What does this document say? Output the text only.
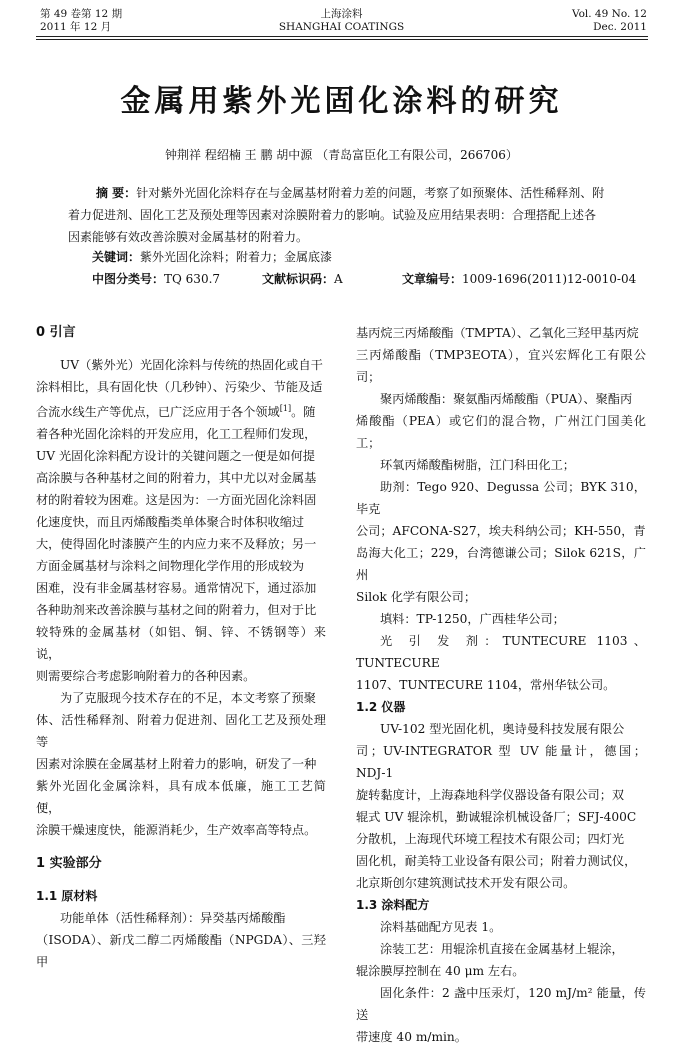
第 49 卷第 12 期
2011 年 12 月
上海涂料
SHANGHAI COATINGS
Vol. 49 No. 12
Dec. 2011
金属用紫外光固化涂料的研究
钟荆祥 程绍楠 王 鹏 胡中源 （青岛富臣化工有限公司，266706）

摘 要：针对紫外光固化涂料存在与金属基材附着力差的问题，考察了如预聚体、活性稀释剂、附

着力促进剂、固化工艺及预处理等因素对涂膜附着力的影响。试验及应用结果表明：合理搭配上述各
因素能够有效改善涂膜对金属基材的附着力。
关键词：紫外光固化涂料；附着力；金属底漆
中图分类号：TQ 630.7	文献标识码：A	文章编号：1009-1696(2011)12-0010-04
0 引言

UV（紫外光）光固化涂料与传统的热固化或自干

涂料相比，具有固化快（几秒钟）、污染少、节能及适

合流水线生产等优点，已广泛应用于各个领域[1]。随

着各种光固化涂料的开发应用，化工工程师们发现，

UV 光固化涂料配方设计的关键问题之一便是如何提

高涂膜与各种基材之间的附着力，其中尤以对金属基

材的附着较为困难。这是因为：一方面光固化涂料固

化速度快，而且丙烯酸酯类单体聚合时体积收缩过

大，使得固化时漆膜产生的内应力来不及释放；另一

方面金属基材与涂料之间物理化学作用的形成较为

困难，没有非金属基材容易。通常情况下，通过添加

各种助剂来改善涂膜与基材之间的附着力，但对于比

较特殊的金属基材（如铝、铜、锌、不锈钢等）来说，

则需要综合考虑影响附着力的各种因素。

为了克服现今技术存在的不足，本文考察了预聚

体、活性稀释剂、附着力促进剂、固化工艺及预处理等

因素对涂膜在金属基材上附着力的影响，研发了一种

紫外光固化金属涂料，具有成本低廉，施工工艺简便，

涂膜干燥速度快，能源消耗少，生产效率高等特点。

1 实验部分
1.1 原材料

功能单体（活性稀释剂）：异癸基丙烯酸酯

（ISODA）、新戊二醇二丙烯酸酯（NPGDA）、三羟甲

基丙烷三丙烯酸酯（TMPTA）、乙氧化三羟甲基丙烷

三丙烯酸酯（TMP3EOTA），宜兴宏辉化工有限公司；

聚丙烯酸酯：聚氨酯丙烯酸酯（PUA）、聚酯丙

烯酸酯（PEA）或它们的混合物，广州江门国美化工；

环氧丙烯酸酯树脂，江门科田化工；

助剂：Tego 920、Degussa 公司；BYK 310，毕克

公司；AFCONA-S27，埃夫科纳公司；KH-550，青

岛海大化工；229，台湾德谦公司；Silok 621S，广州

Silok 化学有限公司；

填料：TP-1250，广西桂华公司；

光 引 发 剂：TUNTECURE 1103、TUNTECURE

1107、TUNTECURE 1104，常州华钛公司。

1.2 仪器

UV-102 型光固化机，奥诗曼科技发展有限公

司；UV-INTEGRATOR 型 UV 能量计，德国；NDJ-1

旋转黏度计，上海森地科学仪器设备有限公司；双

辊式 UV 辊涂机，勤诚辊涂机械设备厂；SFJ-400C

分散机，上海现代环境工程技术有限公司；四灯光

固化机，耐美特工业设备有限公司；附着力测试仪，

北京斯创尔建筑测试技术开发有限公司。

1.3 涂料配方

涂料基础配方见表 1。

涂装工艺：用辊涂机直接在金属基材上辊涂，

辊涂膜厚控制在 40 μm 左右。

固化条件：2 盏中压汞灯，120 mJ/m² 能量，传送

带速度 40 m/min。
